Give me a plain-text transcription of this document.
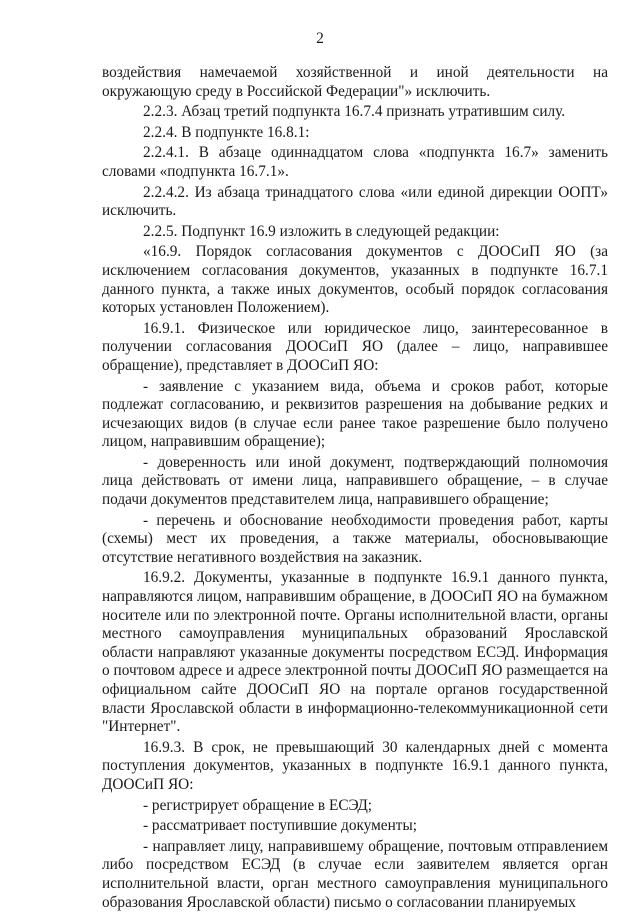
2

воздействия намечаемой хозяйственной и иной деятельности на окружающую среду в Российской Федерации"» исключить.

2.2.3. Абзац третий подпункта 16.7.4 признать утратившим силу.

2.2.4. В подпункте 16.8.1:

2.2.4.1. В абзаце одиннадцатом слова «подпункта 16.7» заменить словами «подпункта 16.7.1».

2.2.4.2. Из абзаца тринадцатого слова «или единой дирекции ООПТ» исключить.

2.2.5. Подпункт 16.9 изложить в следующей редакции:

«16.9. Порядок согласования документов с ДООСиП ЯО (за исключением согласования документов, указанных в подпункте 16.7.1 данного пункта, а также иных документов, особый порядок согласования которых установлен Положением).

16.9.1. Физическое или юридическое лицо, заинтересованное в получении согласования ДООСиП ЯО (далее – лицо, направившее обращение), представляет в ДООСиП ЯО:

- заявление с указанием вида, объема и сроков работ, которые подлежат согласованию, и реквизитов разрешения на добывание редких и исчезающих видов (в случае если ранее такое разрешение было получено лицом, направившим обращение);

- доверенность или иной документ, подтверждающий полномочия лица действовать от имени лица, направившего обращение, – в случае подачи документов представителем лица, направившего обращение;

- перечень и обоснование необходимости проведения работ, карты (схемы) мест их проведения, а также материалы, обосновывающие отсутствие негативного воздействия на заказник.

16.9.2. Документы, указанные в подпункте 16.9.1 данного пункта, направляются лицом, направившим обращение, в ДООСиП ЯО на бумажном носителе или по электронной почте. Органы исполнительной власти, органы местного самоуправления муниципальных образований Ярославской области направляют указанные документы посредством ЕСЭД. Информация о почтовом адресе и адресе электронной почты ДООСиП ЯО размещается на официальном сайте ДООСиП ЯО на портале органов государственной власти Ярославской области в информационно-телекоммуникационной сети "Интернет".

16.9.3. В срок, не превышающий 30 календарных дней с момента поступления документов, указанных в подпункте 16.9.1 данного пункта, ДООСиП ЯО:

- регистрирует обращение в ЕСЭД;

- рассматривает поступившие документы;

- направляет лицу, направившему обращение, почтовым отправлением либо посредством ЕСЭД (в случае если заявителем является орган исполнительной власти, орган местного самоуправления муниципального образования Ярославской области) письмо о согласовании планируемых
